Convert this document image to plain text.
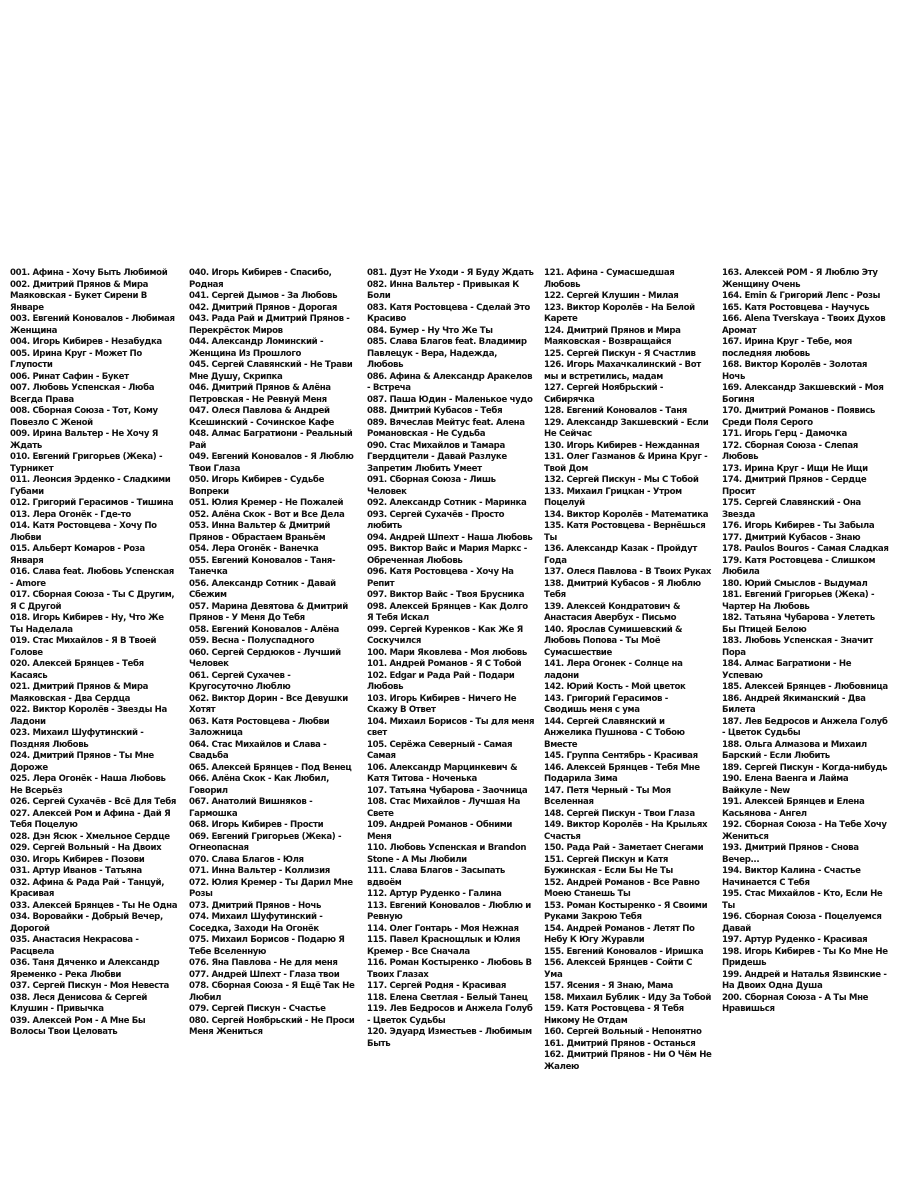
001. Афина - Хочу Быть Любимой
002. Дмитрий Прянов & Мира Маяковская - Букет Сирени В Январе
003. Евгений Коновалов - Любимая Женщина
004. Игорь Кибирев - Незабудка
005. Ирина Круг - Может По Глупости
006. Ринат Сафин - Букет
007. Любовь Успенская - Люба Всегда Права
008. Сборная Союза - Тот, Кому Повезло С Женой
009. Ирина Вальтер - Не Хочу Я Ждать
010. Евгений Григорьев (Жека) - Турникет
011. Леонсия Эрденко - Сладкими Губами
012. Григорий Герасимов - Тишина
013. Лера Огонёк - Где-то
014. Катя Ростовцева - Хочу По Любви
015. Альберт Комаров - Роза Января
016. Слава feat. Любовь Успенская - Amore
017. Сборная Союза - Ты С Другим, Я С Другой
018. Игорь Кибирев - Ну, Что Же Ты Наделала
019. Стас Михайлов - Я В Твоей Голове
020. Алексей Брянцев - Тебя Касаясь
021. Дмитрий Прянов & Мира Маяковская - Два Сердца
022. Виктор Королёв - Звезды На Ладони
023. Михаил Шуфутинский - Поздняя Любовь
024. Дмитрий Прянов - Ты Мне Дороже
025. Лера Огонёк - Наша Любовь Не Всерьёз
026. Сергей Сухачёв - Всё Для Тебя
027. Алексей Ром и Афина - Дай Я Тебя Поцелую
028. Дэн Ясюк - Хмельное Сердце
029. Сергей Вольный - На Двоих
030. Игорь Кибирев - Позови
031. Артур Иванов - Татьяна
032. Афина & Рада Рай - Танцуй, Красивая
033. Алексей Брянцев - Ты Не Одна
034. Воровайки - Добрый Вечер, Дорогой
035. Анастасия Некрасова - Расцвела
036. Таня Дяченко и Александр Яременко - Река Любви
037. Сергей Пискун - Моя Невеста
038. Леся Денисова & Сергей Клушин - Привычка
039. Алексей Ром - А Мне Бы Волосы Твои Целовать
040. Игорь Кибирев - Спасибо, Родная
041. Сергей Дымов - За Любовь
042. Дмитрий Прянов - Дорогая
043. Рада Рай и Дмитрий Прянов - Перекрёсток Миров
044. Александр Ломинский - Женщина Из Прошлого
045. Сергей Славянский - Не Трави Мне Душу, Скрипка
046. Дмитрий Прянов & Алёна Петровская - Не Ревнуй Меня
047. Олеся Павлова & Андрей Ксешинский - Сочинское Кафе
048. Алмас Багратиони - Реальный Рай
049. Евгений Коновалов - Я Люблю Твои Глаза
050. Игорь Кибирев - Судьбе Вопреки
051. Юлия Кремер - Не Пожалей
052. Алёна Скок - Вот и Все Дела
053. Инна Вальтер & Дмитрий Прянов - Обрастаем Враньём
054. Лера Огонёк - Ванечка
055. Евгений Коновалов - Таня-Танечка
056. Александр Сотник - Давай Сбежим
057. Марина Девятова & Дмитрий Прянов - У Меня До Тебя
058. Евгений Коновалов - Алёна
059. Весна - Полуспадного
060. Сергей Сердюков - Лучший Человек
061. Сергей Сухачев - Кругосуточно Люблю
062. Виктор Дорин - Все Девушки Хотят
063. Катя Ростовцева - Любви Заложница
064. Стас Михайлов и Слава - Свадьба
065. Алексей Брянцев - Под Венец
066. Алёна Скок - Как Любил, Говорил
067. Анатолий Вишняков - Гармошка
068. Игорь Кибирев - Прости
069. Евгений Григорьев (Жека) - Огнеопасная
070. Слава Благов - Юля
071. Инна Вальтер - Коллизия
072. Юлия Кремер - Ты Дарил Мне Розы
073. Дмитрий Прянов - Ночь
074. Михаил Шуфутинский - Соседка, Заходи На Огонёк
075. Михаил Борисов - Подарю Я Тебе Вселенную
076. Яна Павлова - Не для меня
077. Андрей Шпехт - Глаза твои
078. Сборная Союза - Я Ещё Так Не Любил
079. Сергей Пискун - Счастье
080. Сергей Ноябрьский - Не Проси Меня Жениться
081. Дуэт Не Уходи - Я Буду Ждать
082. Инна Вальтер - Привыкая К Боли
083. Катя Ростовцева - Сделай Это Красиво
084. Бумер - Ну Что Же Ты
085. Слава Благов feat. Владимир Павлецук - Вера, Надежда, Любовь
086. Афина & Александр Аракелов - Встреча
087. Паша Юдин - Маленькое чудо
088. Дмитрий Кубасов - Тебя
089. Вячеслав Мейтус feat. Алена Романовская - Не Судьба
090. Стас Михайлов и Тамара Гвердцители - Давай Разлуке Запретим Любить Умеет
091. Сборная Союза - Лишь Человек
092. Александр Сотник - Маринка
093. Сергей Сухачёв - Просто любить
094. Андрей Шпехт - Наша Любовь
095. Виктор Вайс и Мария Маркс - Обреченная Любовь
096. Катя Ростовцева - Хочу На Репит
097. Виктор Вайс - Твоя Брусника
098. Алексей Брянцев - Как Долго Я Тебя Искал
099. Сергей Куренков - Как Же Я Соскучился
100. Мари Яковлева - Моя любовь
101. Андрей Романов - Я С Тобой
102. Edgar и Рада Рай - Подари Любовь
103. Игорь Кибирев - Ничего Не Скажу В Ответ
104. Михаил Борисов - Ты для меня свет
105. Серёжа Северный - Самая Самая
106. Александр Марцинкевич & Катя Титова - Ноченька
107. Татьяна Чубарова - Заочница
108. Стас Михайлов - Лучшая На Свете
109. Андрей Романов - Обними Меня
110. Любовь Успенская и Brandon Stone - А Мы Любили
111. Слава Благов - Засыпать вдвоём
112. Артур Руденко - Галина
113. Евгений Коновалов - Люблю и Ревную
114. Олег Гонтарь - Моя Нежная
115. Павел Краснощлык и Юлия Кремер - Все Сначала
116. Роман Костыренко - Любовь В Твоих Глазах
117. Сергей Родня - Красивая
118. Елена Светлая - Белый Танец
119. Лев Бедросов и Анжела Голуб - Цветок Судьбы
120. Эдуард Изместьев - Любимым Быть
121. Афина - Сумасшедшая Любовь
122. Сергей Клушин - Милая
123. Виктор Королёв - На Белой Карете
124. Дмитрий Прянов и Мира Маяковская - Возвращайся
125. Сергей Пискун - Я Счастлив
126. Игорь Махачкалинский - Вот мы и встретились, мадам
127. Сергей Ноябрьский - Сибирячка
128. Евгений Коновалов - Таня
129. Александр Закшевский - Если Не Сейчас
130. Игорь Кибирев - Нежданная
131. Олег Газманов & Ирина Круг - Твой Дом
132. Сергей Пискун - Мы С Тобой
133. Михаил Грицкан - Утром Поцелуй
134. Виктор Королёв - Математика
135. Катя Ростовцева - Вернёшься Ты
136. Александр Казак - Пройдут Года
137. Олеся Павлова - В Твоих Руках
138. Дмитрий Кубасов - Я Люблю Тебя
139. Алексей Кондратович & Анастасия Авербух - Письмо
140. Ярослав Сумишевский & Любовь Попова - Ты Моё Сумасшествие
141. Лера Огонек - Солнце на ладони
142. Юрий Кость - Мой цветок
143. Григорий Герасимов - Сводишь меня с ума
144. Сергей Славянский и Анжелика Пушнова - С Тобою Вместе
145. Группа Сентябрь - Красивая
146. Алексей Брянцев - Тебя Мне Подарила Зима
147. Петя Черный - Ты Моя Вселенная
148. Сергей Пискун - Твои Глаза
149. Виктор Королёв - На Крыльях Счастья
150. Рада Рай - Заметает Снегами
151. Сергей Пискун и Катя Бужинская - Если Бы Не Ты
152. Андрей Романов - Все Равно Моею Станешь Ты
153. Роман Костыренко - Я Своими Руками Закрою Тебя
154. Андрей Романов - Летят По Небу К Югу Журавли
155. Евгений Коновалов - Иришка
156. Алексей Брянцев - Сойти С Ума
157. Ясения - Я Знаю, Мама
158. Михаил Бублик - Иду За Тобой
159. Катя Ростовцева - Я Тебя Никому Не Отдам
160. Сергей Вольный - Непонятно
161. Дмитрий Прянов - Останься
162. Дмитрий Прянов - Ни О Чём Не Жалею
163. Алексей РОМ - Я Люблю Эту Женщину Очень
164. Emin & Григорий Лепс - Розы
165. Катя Ростовцева - Научусь
166. Alena Tverskaya - Твоих Духов Аромат
167. Ирина Круг - Тебе, моя последняя любовь
168. Виктор Королёв - Золотая Ночь
169. Александр Закшевский - Моя Богиня
170. Дмитрий Романов - Появись Среди Поля Серого
171. Игорь Герц - Дамочка
172. Сборная Союза - Слепая Любовь
173. Ирина Круг - Ищи Не Ищи
174. Дмитрий Прянов - Сердце Просит
175. Сергей Славянский - Она Звезда
176. Игорь Кибирев - Ты Забыла
177. Дмитрий Кубасов - Знаю
178. Paulos Bouros - Самая Сладкая
179. Катя Ростовцева - Слишком Любила
180. Юрий Смыслов - Выдумал
181. Евгений Григорьев (Жека) - Чартер На Любовь
182. Татьяна Чубарова - Улететь Бы Птицей Белою
183. Любовь Успенская - Значит Пора
184. Алмас Багратиони - Не Успеваю
185. Алексей Брянцев - Любовница
186. Андрей Якиманский - Два Билета
187. Лев Бедросов и Анжела Голуб - Цветок Судьбы
188. Ольга Алмазова и Михаил Барский - Если Любить
189. Сергей Пискун - Когда-нибудь
190. Елена Ваенга и Лайма Вайкуле - New
191. Алексей Брянцев и Елена Касьянова - Ангел
192. Сборная Союза - На Тебе Хочу Жениться
193. Дмитрий Прянов - Снова Вечер...
194. Виктор Калина - Счастье Начинается С Тебя
195. Стас Михайлов - Кто, Если Не Ты
196. Сборная Союза - Поцелуемся Давай
197. Артур Руденко - Красивая
198. Игорь Кибирев - Ты Ко Мне Не Придешь
199. Андрей и Наталья Язвинские - На Двоих Одна Душа
200. Сборная Союза - А Ты Мне Нравишься
